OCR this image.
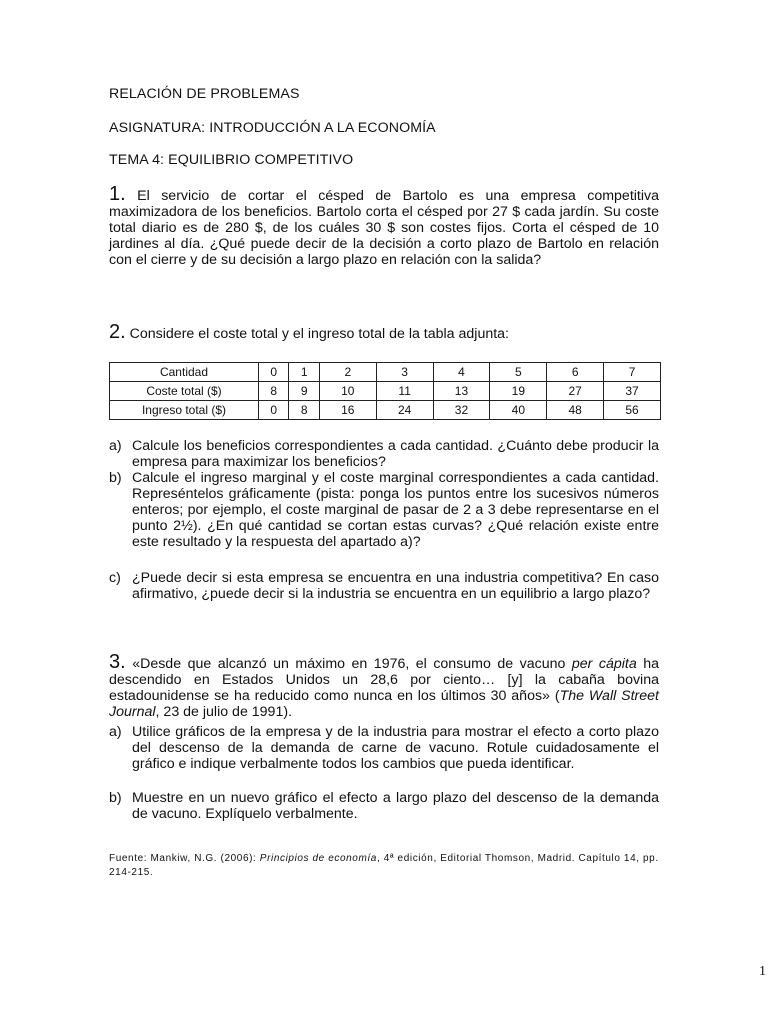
RELACIÓN DE PROBLEMAS
ASIGNATURA: INTRODUCCIÓN A LA ECONOMÍA
TEMA 4: EQUILIBRIO COMPETITIVO
1. El servicio de cortar el césped de Bartolo es una empresa competitiva maximizadora de los beneficios. Bartolo corta el césped por 27 $ cada jardín. Su coste total diario es de 280 $, de los cuáles 30 $ son costes fijos. Corta el césped de 10 jardines al día. ¿Qué puede decir de la decisión a corto plazo de Bartolo en relación con el cierre y de su decisión a largo plazo en relación con la salida?
2. Considere el coste total y el ingreso total de la tabla adjunta:
Cantidad	0	1	2	3	4	5	6	7
Coste total ($)	8	9	10	11	13	19	27	37
Ingreso total ($)	0	8	16	24	32	40	48	56
a) Calcule los beneficios correspondientes a cada cantidad. ¿Cuánto debe producir la empresa para maximizar los beneficios?
b) Calcule el ingreso marginal y el coste marginal correspondientes a cada cantidad. Represéntelos gráficamente (pista: ponga los puntos entre los sucesivos números enteros; por ejemplo, el coste marginal de pasar de 2 a 3 debe representarse en el punto 2½). ¿En qué cantidad se cortan estas curvas? ¿Qué relación existe entre este resultado y la respuesta del apartado a)?
c) ¿Puede decir si esta empresa se encuentra en una industria competitiva? En caso afirmativo, ¿puede decir si la industria se encuentra en un equilibrio a largo plazo?
3. «Desde que alcanzó un máximo en 1976, el consumo de vacuno per cápita ha descendido en Estados Unidos un 28,6 por ciento… [y] la cabaña bovina estadounidense se ha reducido como nunca en los últimos 30 años» (The Wall Street Journal, 23 de julio de 1991).
a) Utilice gráficos de la empresa y de la industria para mostrar el efecto a corto plazo del descenso de la demanda de carne de vacuno. Rotule cuidadosamente el gráfico e indique verbalmente todos los cambios que pueda identificar.
b) Muestre en un nuevo gráfico el efecto a largo plazo del descenso de la demanda de vacuno. Explíquelo verbalmente.
Fuente: Mankiw, N.G. (2006): Principios de economía, 4ª edición, Editorial Thomson, Madrid. Capítulo 14, pp. 214-215.
1
